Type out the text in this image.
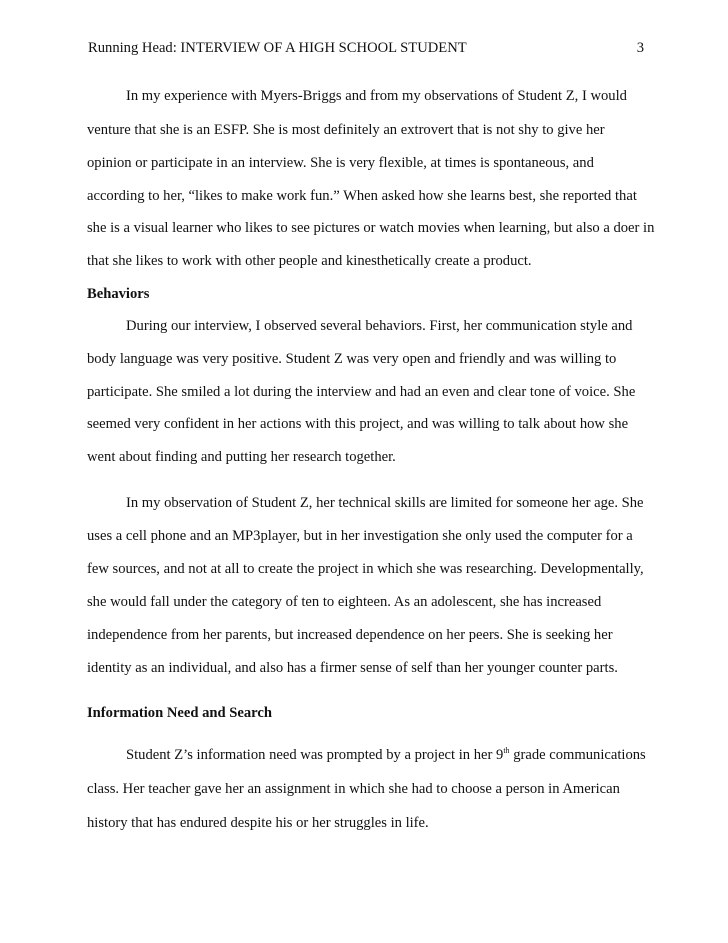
Running Head: INTERVIEW OF A HIGH SCHOOL STUDENT	3
In my experience with Myers-Briggs and from my observations of Student Z, I would
venture that she is an ESFP. She is most definitely an extrovert that is not shy to give her
opinion or participate in an interview. She is very flexible, at times is spontaneous, and
according to her, “likes to make work fun.” When asked how she learns best, she reported that
she is a visual learner who likes to see pictures or watch movies when learning, but also a doer in
that she likes to work with other people and kinesthetically create a product.
Behaviors
During our interview, I observed several behaviors. First, her communication style and
body language was very positive. Student Z was very open and friendly and was willing to
participate. She smiled a lot during the interview and had an even and clear tone of voice. She
seemed very confident in her actions with this project, and was willing to talk about how she
went about finding and putting her research together.
In my observation of Student Z, her technical skills are limited for someone her age. She
uses a cell phone and an MP3player, but in her investigation she only used the computer for a
few sources, and not at all to create the project in which she was researching. Developmentally,
she would fall under the category of ten to eighteen. As an adolescent, she has increased
independence from her parents, but increased dependence on her peers. She is seeking her
identity as an individual, and also has a firmer sense of self than her younger counter parts.
Information Need and Search
Student Z’s information need was prompted by a project in her 9th grade communications
class. Her teacher gave her an assignment in which she had to choose a person in American
history that has endured despite his or her struggles in life.
